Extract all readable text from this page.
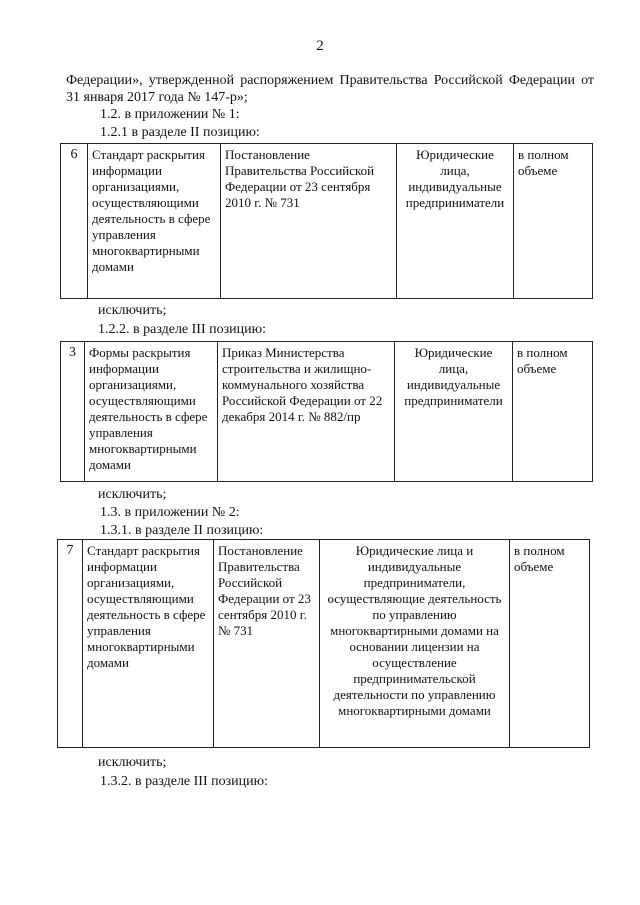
2
Федерации», утвержденной распоряжением Правительства Российской Федерации от 31 января 2017 года № 147-р»;
1.2. в приложении № 1:
1.2.1 в разделе II позицию:
6	Стандарт раскрытия информации организациями, осуществляющими деятельность в сфере управления многоквартирными домами	Постановление Правительства Российской Федерации от 23 сентября 2010 г. № 731	Юридические лица, индивидуальные предприниматели	в полном объеме
исключить;
1.2.2. в разделе III позицию:
3	Формы раскрытия информации организациями, осуществляющими деятельность в сфере управления многоквартирными домами	Приказ Министерства строительства и жилищно-коммунального хозяйства Российской Федерации от 22 декабря 2014 г. № 882/пр	Юридические лица, индивидуальные предприниматели	в полном объеме
исключить;
1.3. в приложении № 2:
1.3.1. в разделе II позицию:
7	Стандарт раскрытия информации организациями, осуществляющими деятельность в сфере управления многоквартирными домами	Постановление Правительства Российской Федерации от 23 сентября 2010 г. № 731	Юридические лица и индивидуальные предприниматели, осуществляющие деятельность по управлению многоквартирными домами на основании лицензии на осуществление предпринимательской деятельности по управлению многоквартирными домами	в полном объеме
исключить;
1.3.2. в разделе III позицию:
